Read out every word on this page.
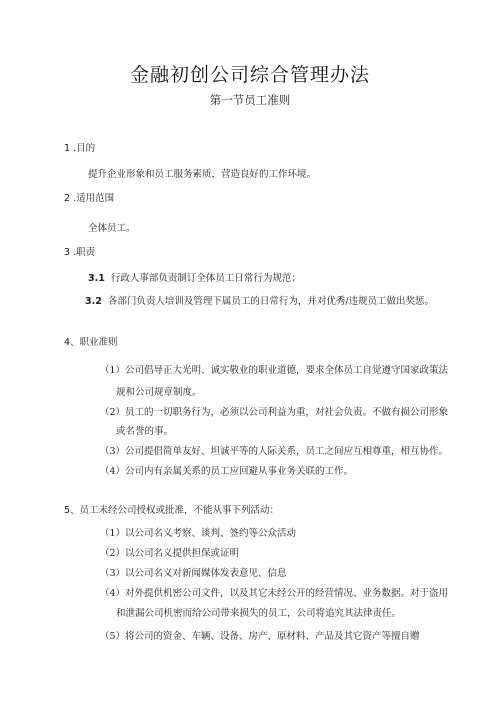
金融初创公司综合管理办法
第一节员工准则
1 .目的
提升企业形象和员工服务素质，营造良好的工作环境。
2 .适用范围
全体员工。
3 .职责
3.1 行政人事部负责制订全体员工日常行为规范；
3.2 各部门负责人培训及管理下属员工的日常行为，并对优秀/违规员工做出奖惩。
4、职业准则
（1）公司倡导正大光明、诚实敬业的职业道德，要求全体员工自觉遵守国家政策法
规和公司规章制度。
（2）员工的一切职务行为，必须以公司利益为重，对社会负责。不做有损公司形象
或名誉的事。
（3）公司提倡简单友好、坦诚平等的人际关系，员工之间应互相尊重，相互协作。
（4）公司内有亲属关系的员工应回避从事业务关联的工作。
5、员工未经公司授权或批准，不能从事下列活动：
（1）以公司名义考察、谈判、签约等公众活动
（2）以公司名义提供担保或证明
（3）以公司名义对新闻媒体发表意见、信息
（4）对外提供机密公司文件，以及其它未经公开的经营情况、业务数据。对于盗用
和泄漏公司机密而给公司带来损失的员工，公司将追究其法律责任。
（5）将公司的资金、车辆、设备、房产、原材料、产品及其它资产等擅自赠
